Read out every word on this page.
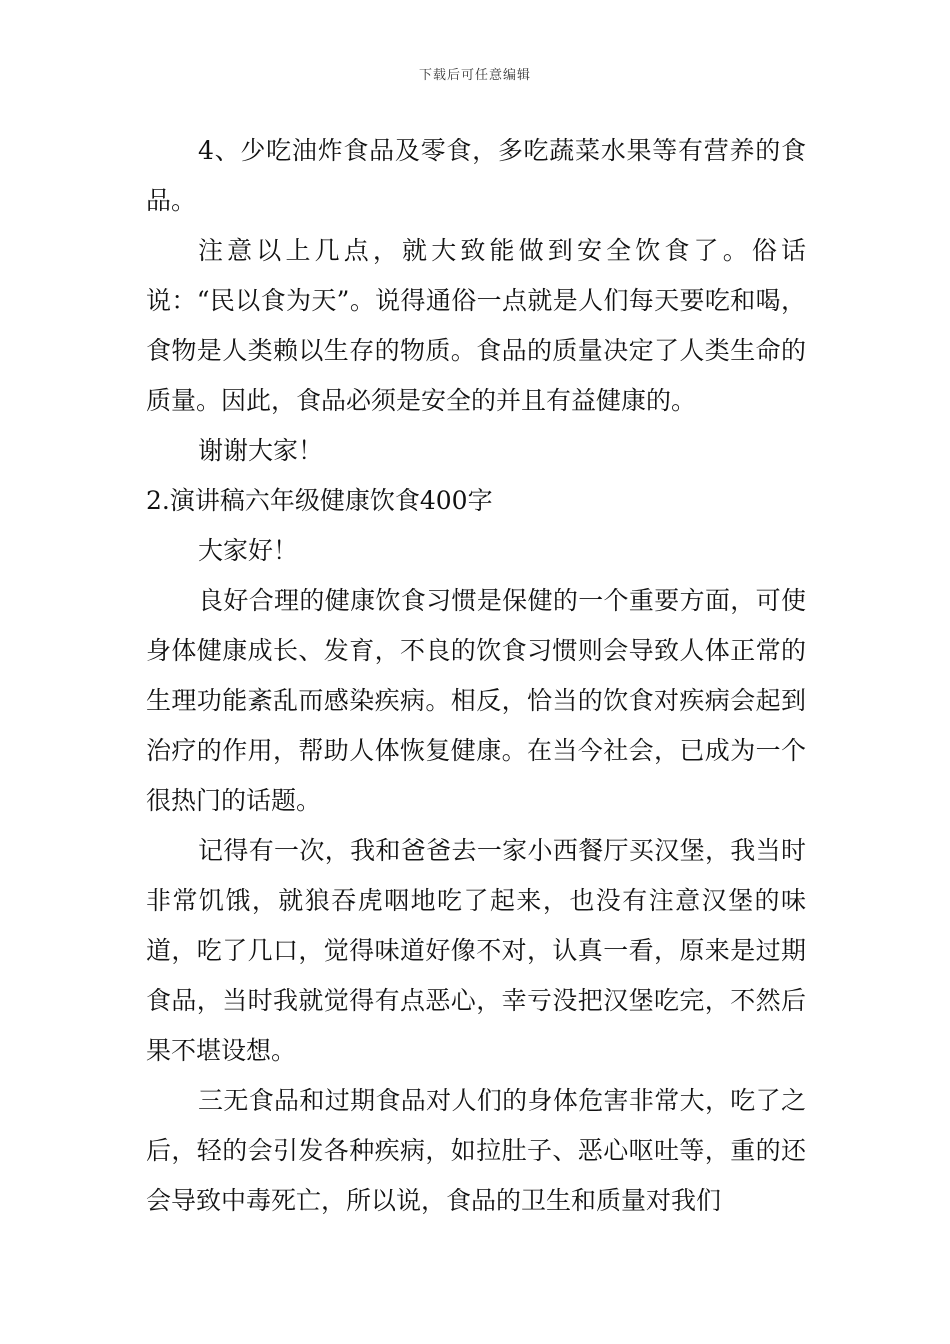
下载后可任意编辑

4、少吃油炸食品及零食，多吃蔬菜水果等有营养的食品。

注意以上几点，就大致能做到安全饮食了。俗话说：“民以食为天”。说得通俗一点就是人们每天要吃和喝，食物是人类赖以生存的物质。食品的质量决定了人类生命的质量。因此，食品必须是安全的并且有益健康的。

谢谢大家！

2.演讲稿六年级健康饮食400字

大家好！

良好合理的健康饮食习惯是保健的一个重要方面，可使身体健康成长、发育，不良的饮食习惯则会导致人体正常的生理功能紊乱而感染疾病。相反，恰当的饮食对疾病会起到治疗的作用，帮助人体恢复健康。在当今社会，已成为一个很热门的话题。

记得有一次，我和爸爸去一家小西餐厅买汉堡，我当时非常饥饿，就狼吞虎咽地吃了起来，也没有注意汉堡的味道，吃了几口，觉得味道好像不对，认真一看，原来是过期食品，当时我就觉得有点恶心，幸亏没把汉堡吃完，不然后果不堪设想。

三无食品和过期食品对人们的身体危害非常大，吃了之后，轻的会引发各种疾病，如拉肚子、恶心呕吐等，重的还会导致中毒死亡，所以说，食品的卫生和质量对我们
